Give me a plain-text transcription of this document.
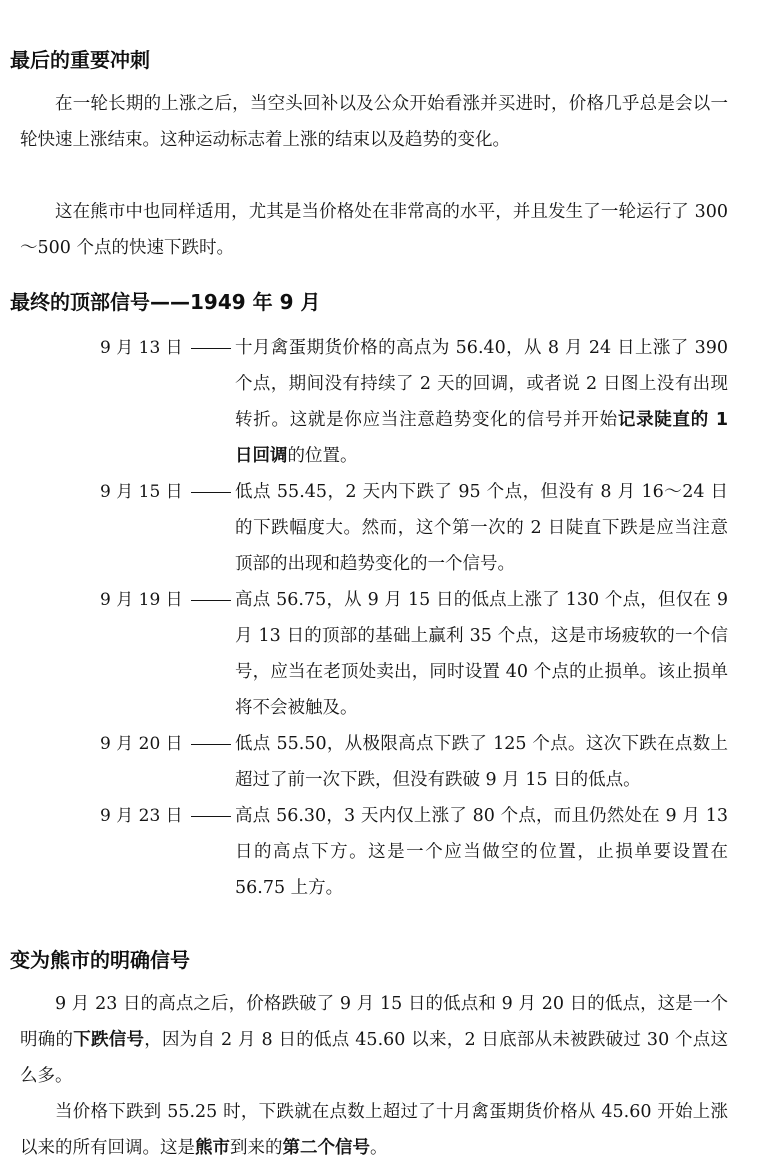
最后的重要冲刺

在一轮长期的上涨之后，当空头回补以及公众开始看涨并买进时，价格几乎总是会以一轮快速上涨结束。这种运动标志着上涨的结束以及趋势的变化。

这在熊市中也同样适用，尤其是当价格处在非常高的水平，并且发生了一轮运行了 300～500 个点的快速下跌时。

最终的顶部信号——1949 年 9 月
9 月 13 日	十月禽蛋期货价格的高点为 56.40，从 8 月 24 日上涨了 390 个点，期间没有持续了 2 天的回调，或者说 2 日图上没有出现转折。这就是你应当注意趋势变化的信号并开始记录陡直的 1 日回调的位置。
9 月 15 日	低点 55.45，2 天内下跌了 95 个点，但没有 8 月 16～24 日的下跌幅度大。然而，这个第一次的 2 日陡直下跌是应当注意顶部的出现和趋势变化的一个信号。
9 月 19 日	高点 56.75，从 9 月 15 日的低点上涨了 130 个点，但仅在 9 月 13 日的顶部的基础上赢利 35 个点，这是市场疲软的一个信号，应当在老顶处卖出，同时设置 40 个点的止损单。该止损单将不会被触及。
9 月 20 日	低点 55.50，从极限高点下跌了 125 个点。这次下跌在点数上超过了前一次下跌，但没有跌破 9 月 15 日的低点。
9 月 23 日	高点 56.30，3 天内仅上涨了 80 个点，而且仍然处在 9 月 13 日的高点下方。这是一个应当做空的位置，止损单要设置在 56.75 上方。
变为熊市的明确信号

9 月 23 日的高点之后，价格跌破了 9 月 15 日的低点和 9 月 20 日的低点，这是一个明确的下跌信号，因为自 2 月 8 日的低点 45.60 以来，2 日底部从未被跌破过 30 个点这么多。

当价格下跌到 55.25 时，下跌就在点数上超过了十月禽蛋期货价格从 45.60 开始上涨以来的所有回调。这是熊市到来的第二个信号。
